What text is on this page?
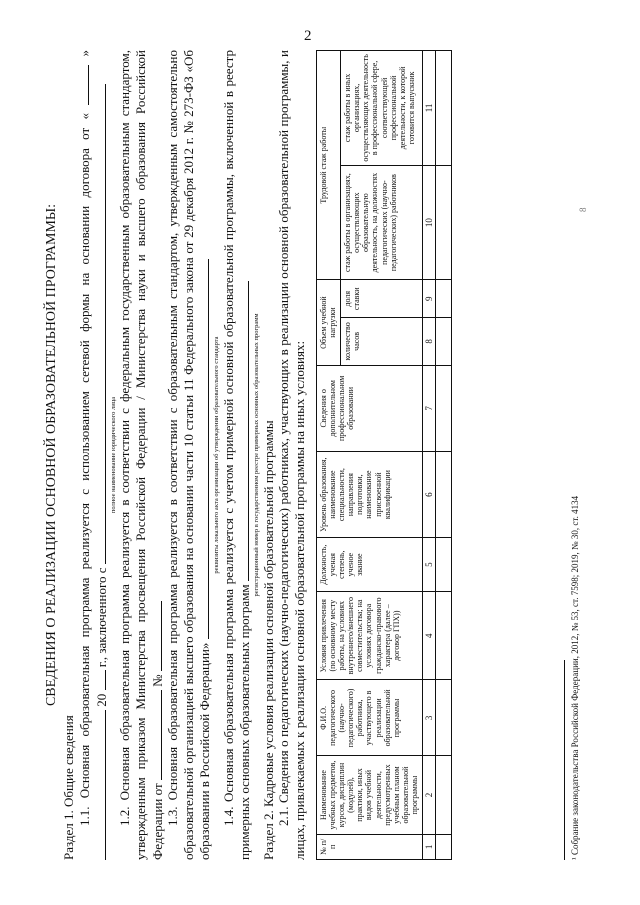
2

СВЕДЕНИЯ О РЕАЛИЗАЦИИ ОСНОВНОЙ ОБРАЗОВАТЕЛЬНОЙ ПРОГРАММЫ:

Раздел 1. Общие сведения 1.1. Основная образовательная программа реализуется с использованием сетевой формы на основании договора от «  »  20  г., заключенного с

полное наименование юридического лица 1.2. Основная образовательная программа реализуется в соответствии с федеральным государственным образовательным стандартом, утвержденным приказом Министерства просвещения Российской Федерации / Министерства науки и высшего образования Российской Федерации от  № 1.3. Основная образовательная программа реализуется в соответствии с образовательным стандартом, утвержденным самостоятельно образовательной организацией высшего образования на основании части 10 статьи 11 Федерального закона от 29 декабря 2012 г. № 273-ФЗ «Об образовании в Российской Федерации»

реквизиты локального акта организации об утверждении образовательного стандарта 1.4. Основная образовательная программа реализуется с учетом примерной основной образовательной программы, включенной в реестр примерных основных образовательных программ

регистрационный номер в государственном реестре примерных основных образовательных программ Раздел 2. Кадровые условия реализации основной образовательной программы 2.1. Сведения о педагогических (научно-педагогических) работниках, участвующих в реализации основной образовательной программы, и лицах, привлекаемых к реализации основной образовательной программы на иных условиях: № п/п	Наименование учебных предметов, курсов, дисциплин (модулей), практики, иных видов учебной деятельности, предусмотренных учебным планом образовательной программы	Ф.И.О. педагогического (научно-педагогического) работника, участвующего в реализации образовательной программы	Условия привлечения (по основному месту работы, на условиях внутреннего/внешнего совместительства; на условиях договора гражданско-правового характера (далее – договор ГПХ))	Должность, ученая степень, ученое звание	Уровень образования, наименование специальности, направления подготовки, наименование присвоенной квалификации	Сведения о дополнительном профессиональном образовании	Объем учебной нагрузки		Трудовой стаж работы	
							количество часов	доля ставки	стаж работы в организациях, осуществляющих образовательную деятельность, на должностях педагогических (научно-педагогических) работников	стаж работы в иных организациях, осуществляющих деятельность в профессиональной сфере, соответствующей профессиональной деятельности, к которой готовится выпускник
1	2	3	4	5	6	7	8	9	10	11

¹ Собрание законодательства Российской Федерации, 2012, № 53, ст. 7598; 2019, № 30, ст. 4134

8
